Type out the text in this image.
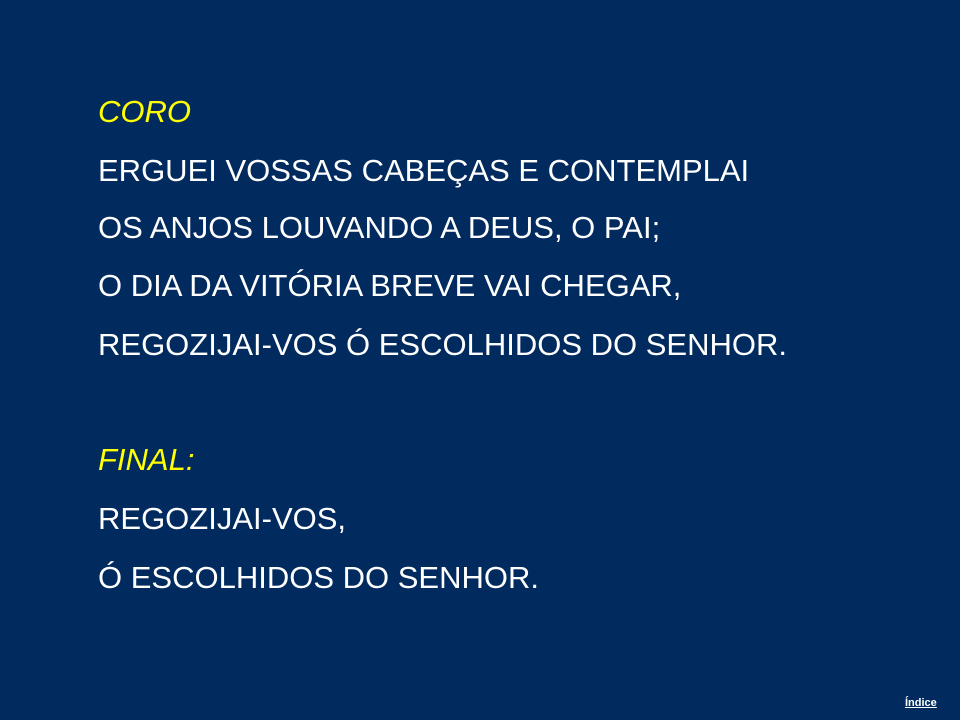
CORO

ERGUEI VOSSAS CABEÇAS E CONTEMPLAI

OS ANJOS LOUVANDO A DEUS, O PAI;

O DIA DA VITÓRIA BREVE VAI CHEGAR,

REGOZIJAI-VOS Ó ESCOLHIDOS DO SENHOR.

FINAL:

REGOZIJAI-VOS,

Ó ESCOLHIDOS DO SENHOR.

Índice
